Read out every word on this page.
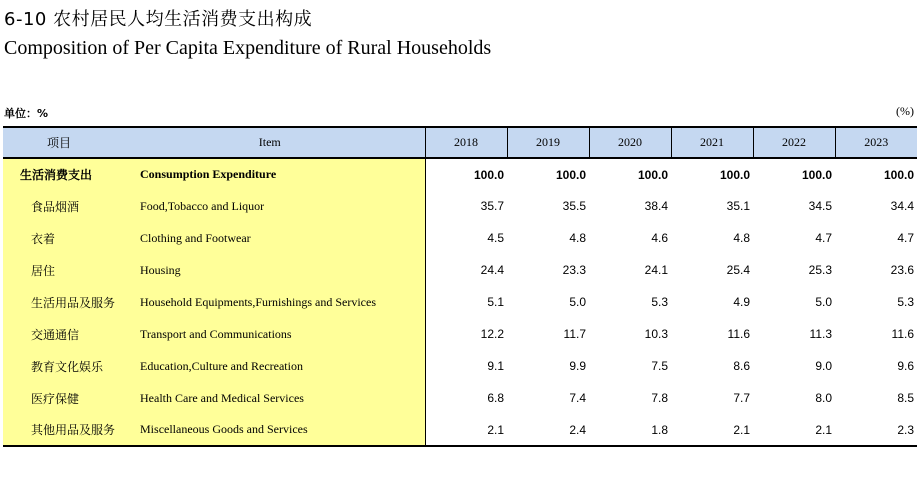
6-10 农村居民人均生活消费支出构成
Composition of Per Capita Expenditure of Rural Households
单位：%	(%)
项目	Item	2018	2019	2020	2021	2022	2023
生活消费支出	Consumption Expenditure	100.0	100.0	100.0	100.0	100.0	100.0
食品烟酒	Food,Tobacco and Liquor	35.7	35.5	38.4	35.1	34.5	34.4
衣着	Clothing and Footwear	4.5	4.8	4.6	4.8	4.7	4.7
居住	Housing	24.4	23.3	24.1	25.4	25.3	23.6
生活用品及服务	Household Equipments,Furnishings and Services	5.1	5.0	5.3	4.9	5.0	5.3
交通通信	Transport and Communications	12.2	11.7	10.3	11.6	11.3	11.6
教育文化娱乐	Education,Culture and Recreation	9.1	9.9	7.5	8.6	9.0	9.6
医疗保健	Health Care and Medical Services	6.8	7.4	7.8	7.7	8.0	8.5
其他用品及服务	Miscellaneous Goods and Services	2.1	2.4	1.8	2.1	2.1	2.3
